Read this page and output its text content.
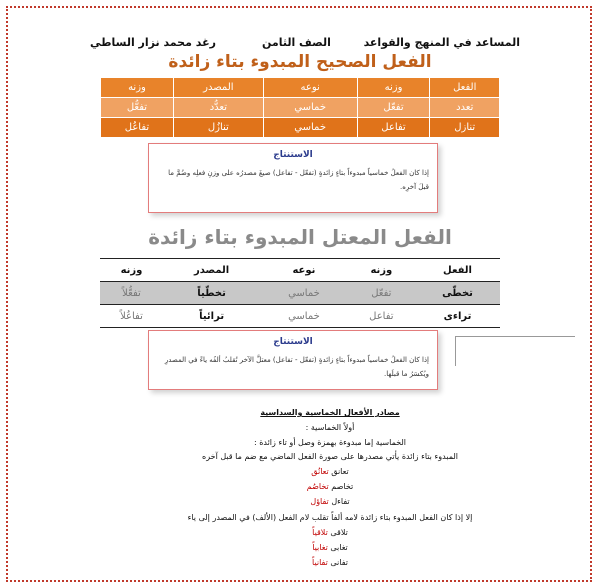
المساعد في المنهج والقواعد
الصف الثامن
رغد محمد نزار الساطي
الفعل الصحيح المبدوء بتاء زائدة
الفعل	وزنه	نوعه	المصدر	وزنه
تعدد	تفعّل	خماسي	تعدُّد	تفعُّل
تنازل	تفاعل	خماسي	تنازُل	تفاعُل
الاستنتاج
إذا كان الفعلُ خماسياً مبدوءاً بتاءٍ زائدةٍ (تفعّل - تفاعل) صيغَ مصدرُه على وزنِ فعلِه وضُمَّ ما قبلَ آخرِه.
الفعل المعتل المبدوء بتاء زائدة
الفعل	وزنه	نوعه	المصدر	وزنه
تخطّى	تفعّل	خماسي	تخطّياً	تفعُّلاً
تراءى	تفاعل	خماسي	ترائياً	تفاعُلاً
الاستنتاج
إذا كان الفعلُ خماسياً مبدوءاً بتاءٍ زائدةٍ (تفعّل - تفاعل) معتلَّ الآخر تُقلبُ ألفُه ياءً في المصدرِ ويُكسَرُ ما قبلَها.
مصادر الأفعال الخماسية والسداسية
أولاً الخماسية :
الخماسية إما مبدوءة بهمزة وصل أو تاء زائدة :
المبدوء بتاء زائدة يأتي مصدرها على صورة الفعل الماضي مع ضم ما قبل آخره
تعانق تعانُق
تخاصم تخاصُم
تفاءل تفاؤل
إلا إذا كان الفعل المبدوء بتاء زائدة لامه ألفاً تقلب لام الفعل (الألف) في المصدر إلى ياء
تلاقى تلاقياً
تغابى تغابياً
تفانى تفانياً
